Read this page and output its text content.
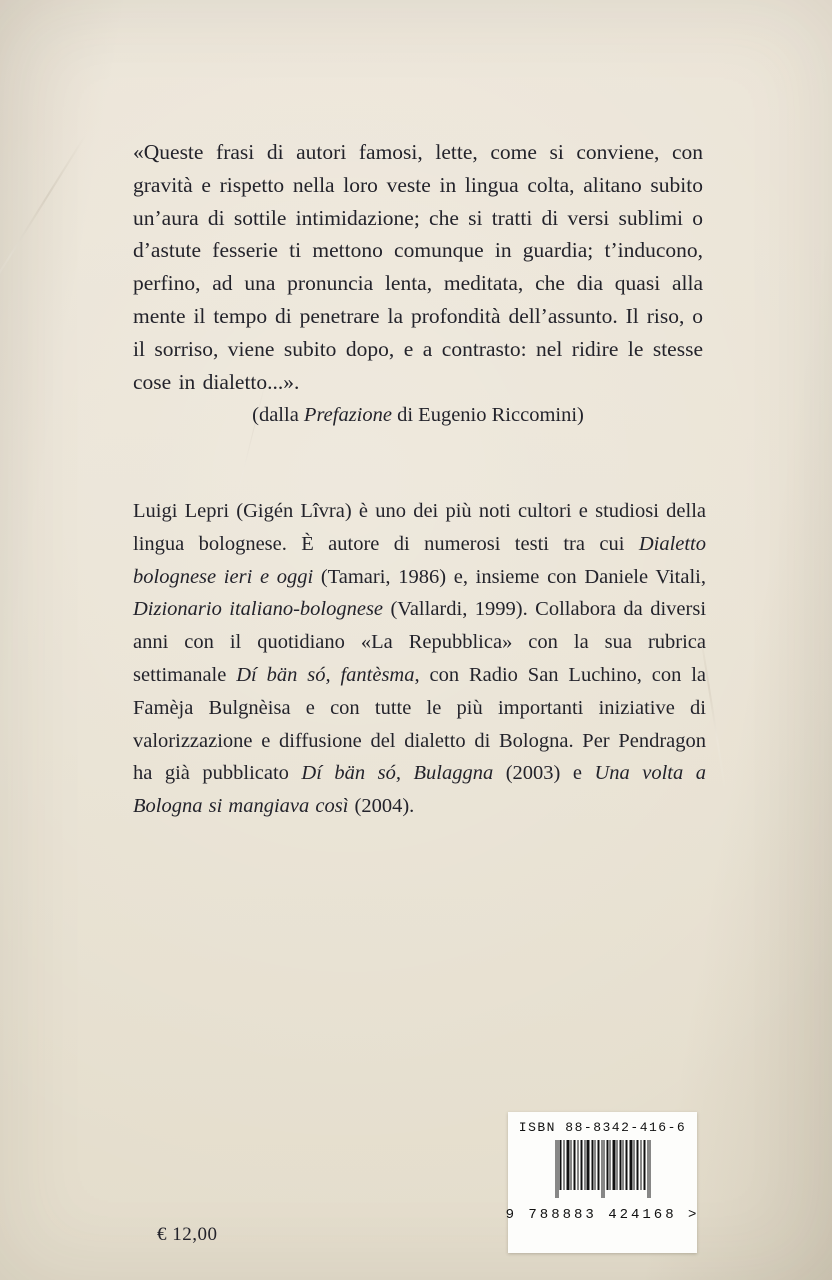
«Queste frasi di autori famosi, lette, come si conviene, con gravità e rispetto nella loro veste in lingua colta, alitano subito un’aura di sottile intimidazione; che si tratti di versi sublimi o d’astute fesserie ti mettono comunque in guardia; t’inducono, perfino, ad una pronuncia lenta, meditata, che dia quasi alla mente il tempo di penetrare la profondità dell’assunto. Il riso, o il sorriso, viene subito dopo, e a contrasto: nel ridire le stesse cose in dialetto...».

(dalla Prefazione di Eugenio Riccomini)

Luigi Lepri (Gigén Lîvra) è uno dei più noti cultori e studiosi della lingua bolognese. È autore di numerosi testi tra cui Dialetto bolognese ieri e oggi (Tamari, 1986) e, insieme con Daniele Vitali, Dizionario italiano-bolognese (Vallardi, 1999). Collabora da diversi anni con il quotidiano «La Repubblica» con la sua rubrica settimanale Dí bän só, fantèsma, con Radio San Luchino, con la Famèja Bulgnèisa e con tutte le più importanti iniziative di valorizzazione e diffusione del dialetto di Bologna. Per Pendragon ha già pubblicato Dí bän só, Bulaggna (2003) e Una volta a Bologna si mangiava così (2004).

€ 12,00
ISBN 88-8342-416-6
9 788883 424168 >
